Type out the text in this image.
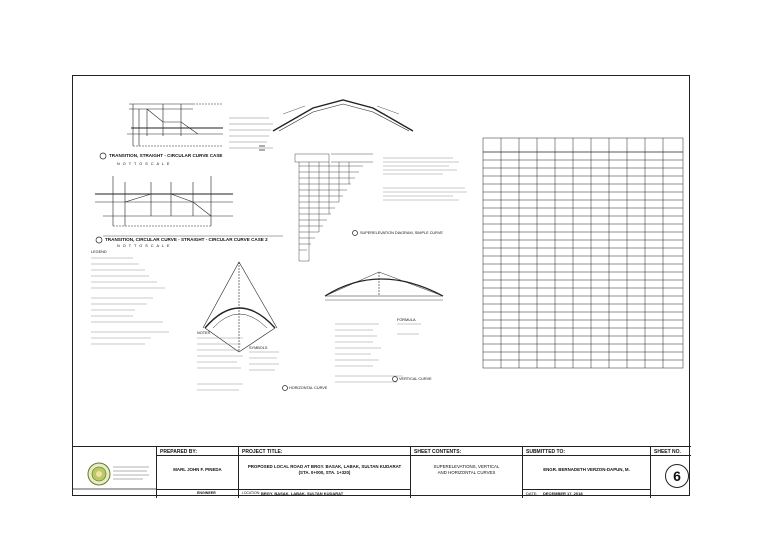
TRANSITION, STRAIGHT - CIRCULAR CURVE CASE
N O T T O S C A L E
TRANSITION, CIRCULAR CURVE - STRAIGHT - CIRCULAR CURVE CASE 2
N O T T O S C A L E
SUPERELEVATION DIAGRAM, SIMPLE CURVE
HORIZONTAL CURVE
VERTICAL CURVE
LEGEND
NOTES
FORMULA
SYMBOLS
PREPARED BY:
MARL JOHN F. PINEDA
ENGINEER
PROJECT TITLE:
PROPOSED LOCAL ROAD AT BRGY. BASAK, LABAK, SULTAN KUDARAT
(STA. 0+000, STA. 1+320)
LOCATION: BRGY. BASAK, LABAK, SULTAN KUDARAT
SHEET CONTENTS:
SUPERELEVATIONS, VERTICAL
AND HORIZONTAL CURVES
SUBMITTED TO:
ENGR. BERNADETH VERZON-DAPUN, M.
DATE: DECEMBER 17, 2018
SHEET NO.
6
